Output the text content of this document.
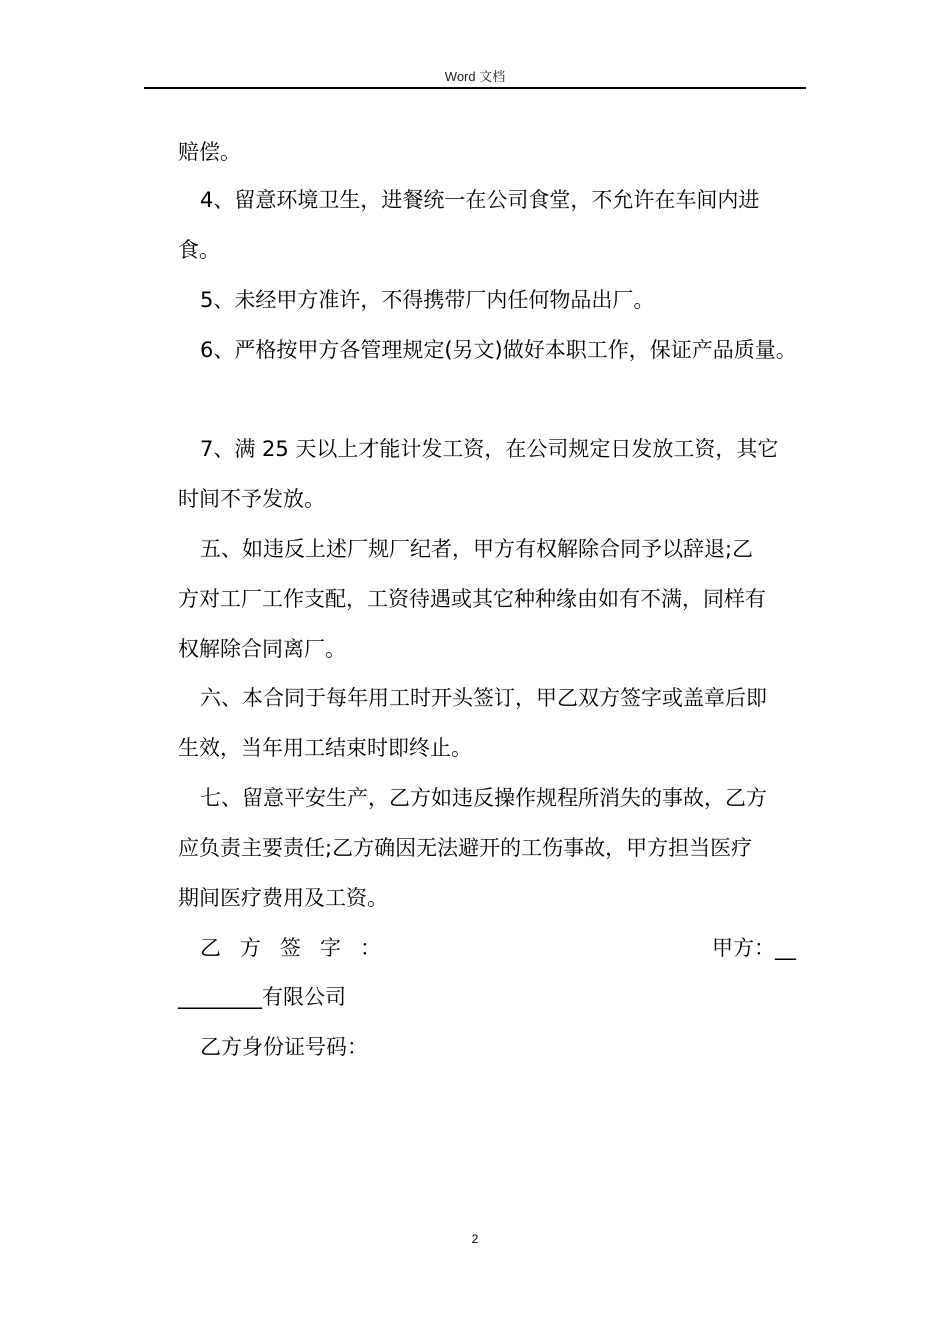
Word 文档
赔偿。
4、留意环境卫生，进餐统一在公司食堂，不允许在车间内进
食。
5、未经甲方准许，不得携带厂内任何物品出厂。
6、严格按甲方各管理规定(另文)做好本职工作，保证产品质量。
7、满 25 天以上才能计发工资，在公司规定日发放工资，其它
时间不予发放。
五、如违反上述厂规厂纪者，甲方有权解除合同予以辞退;乙
方对工厂工作支配，工资待遇或其它种种缘由如有不满，同样有
权解除合同离厂。
六、本合同于每年用工时开头签订，甲乙双方签字或盖章后即
生效，当年用工结束时即终止。
七、留意平安生产，乙方如违反操作规程所消失的事故，乙方
应负责主要责任;乙方确因无法避开的工伤事故，甲方担当医疗
期间医疗费用及工资。
乙方签字：	甲方：__
________有限公司
乙方身份证号码：
2
